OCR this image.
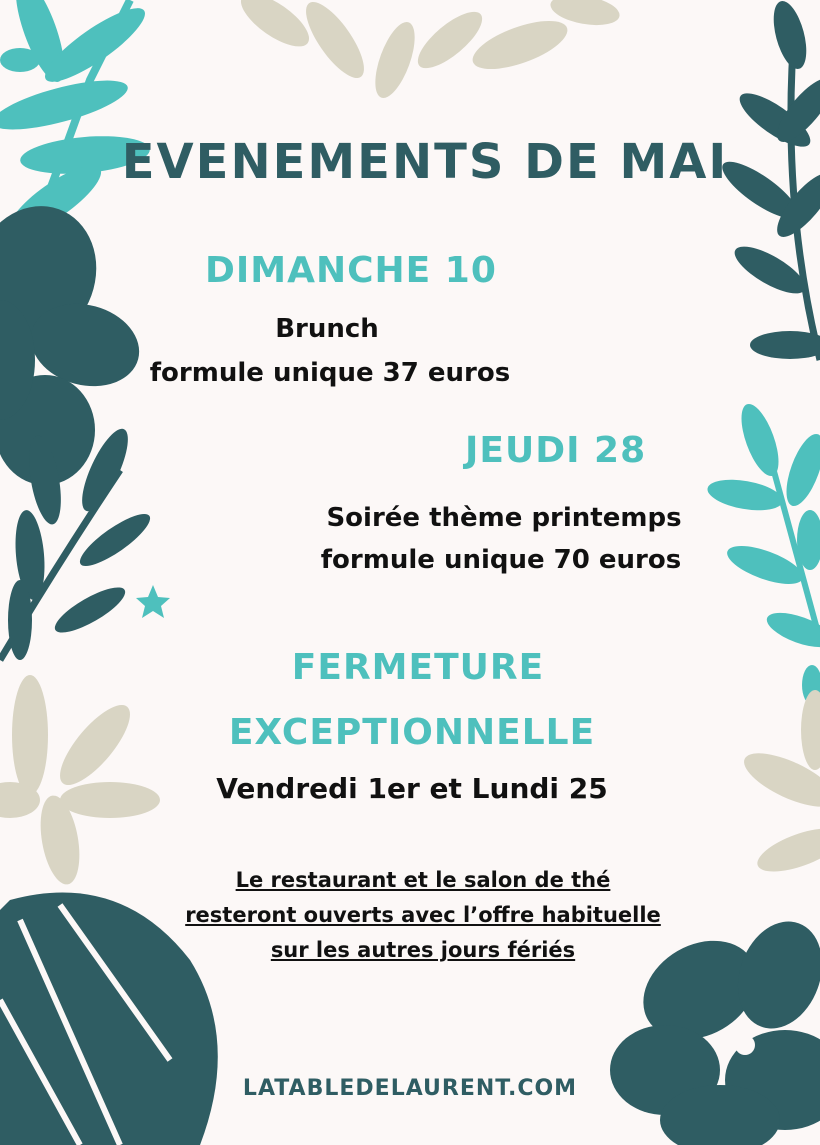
EVENEMENTS DE MAI
DIMANCHE 10
Brunch
formule unique 37 euros
JEUDI 28
Soirée thème printemps
formule unique 70 euros
FERMETURE
EXCEPTIONNELLE
Vendredi 1er et Lundi 25
Le restaurant et le salon de thé
resteront ouverts avec l’offre habituelle
sur les autres jours fériés
LATABLEDELAURENT.COM
